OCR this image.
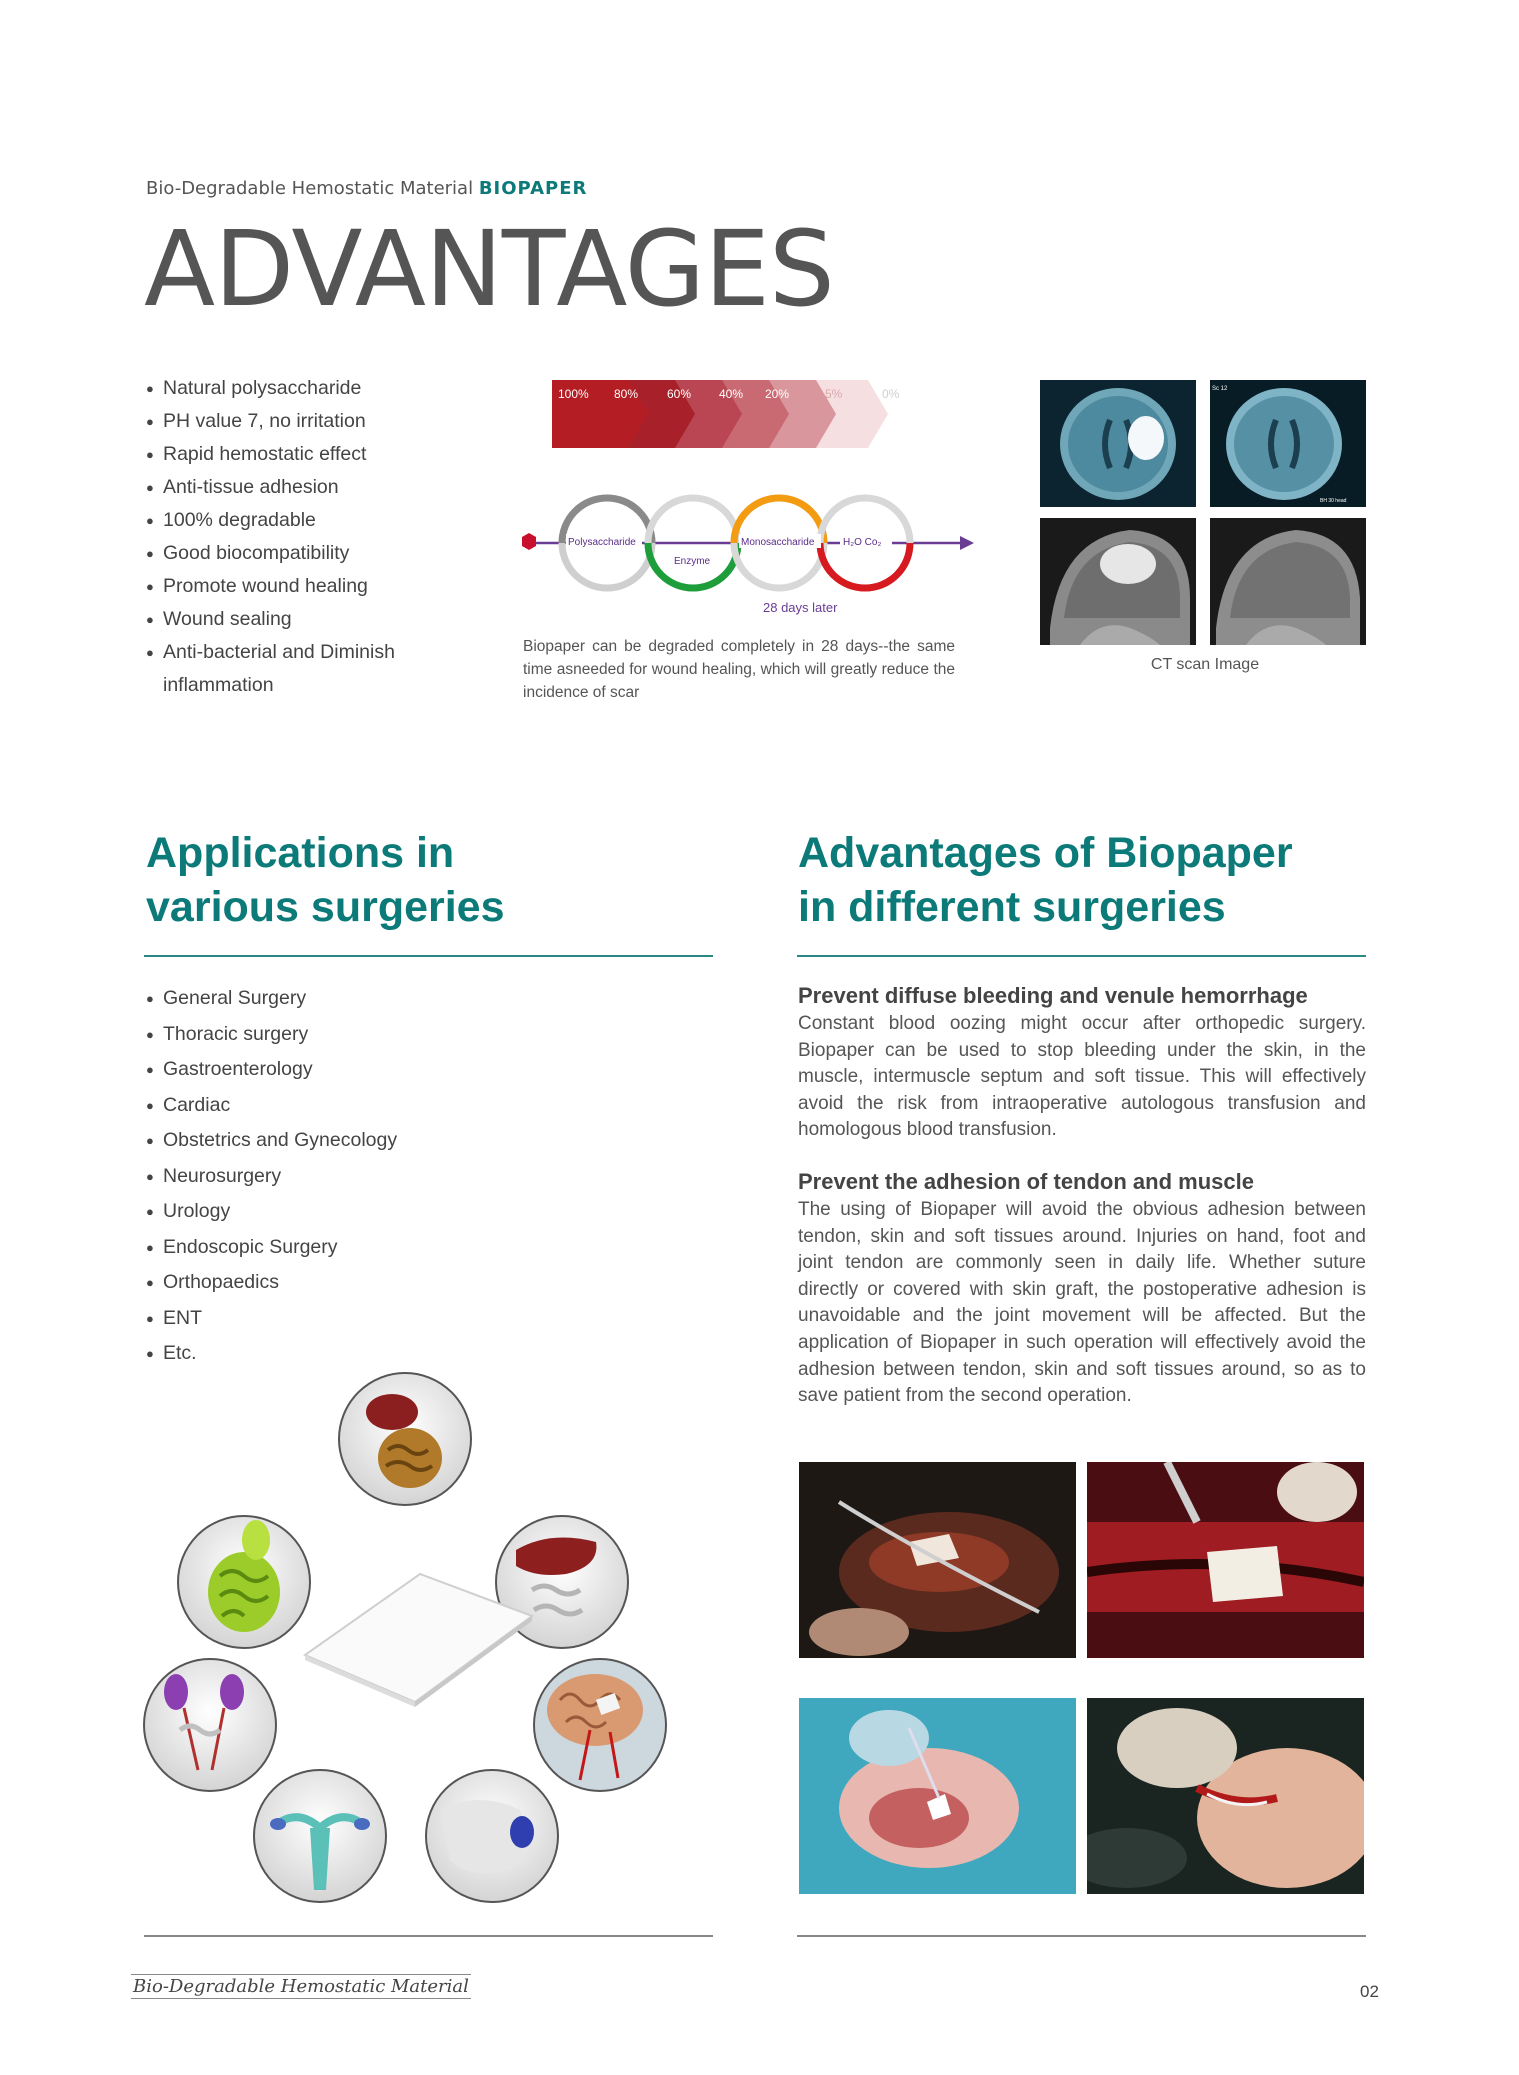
Bio-Degradable Hemostatic Material BIOPAPER
ADVANTAGES
● Natural polysaccharide
● PH value 7, no irritation
● Rapid hemostatic effect
● Anti-tissue adhesion
● 100% degradable
● Good biocompatibility
● Promote wound healing
● Wound sealing
● Anti-bacterial and Diminish inflammation
100% 80% 60% 40% 20%	5%	0%
Polysaccharide
Enzyme
Monosaccharide	H₂O Co₂
28 days later
Biopaper can be degraded completely in 28 days--the same time asneeded for wound healing, which will greatly reduce the incidence of scar
Sc 12
BH 30 head
CT scan Image
Applications in
various surgeries
Advantages of Biopaper
in different surgeries
● General Surgery
● Thoracic surgery
● Gastroenterology
● Cardiac
● Obstetrics and Gynecology
● Neurosurgery
● Urology
● Endoscopic Surgery
● Orthopaedics
● ENT
● Etc.
Prevent diffuse bleeding and venule hemorrhage
Constant blood oozing might occur after orthopedic surgery. Biopaper can be used to stop bleeding under the skin, in the muscle, intermuscle septum and soft tissue. This will effectively avoid the risk from intraoperative autologous transfusion and homologous blood transfusion.
Prevent the adhesion of tendon and muscle
The using of Biopaper will avoid the obvious adhesion between tendon, skin and soft tissues around. Injuries on hand, foot and joint tendon are commonly seen in daily life. Whether suture directly or covered with skin graft, the postoperative adhesion is unavoidable and the joint movement will be affected. But the application of Biopaper in such operation will effectively avoid the adhesion between tendon, skin and soft tissues around, so as to save patient from the second operation.
Bio-Degradable Hemostatic Material	02
